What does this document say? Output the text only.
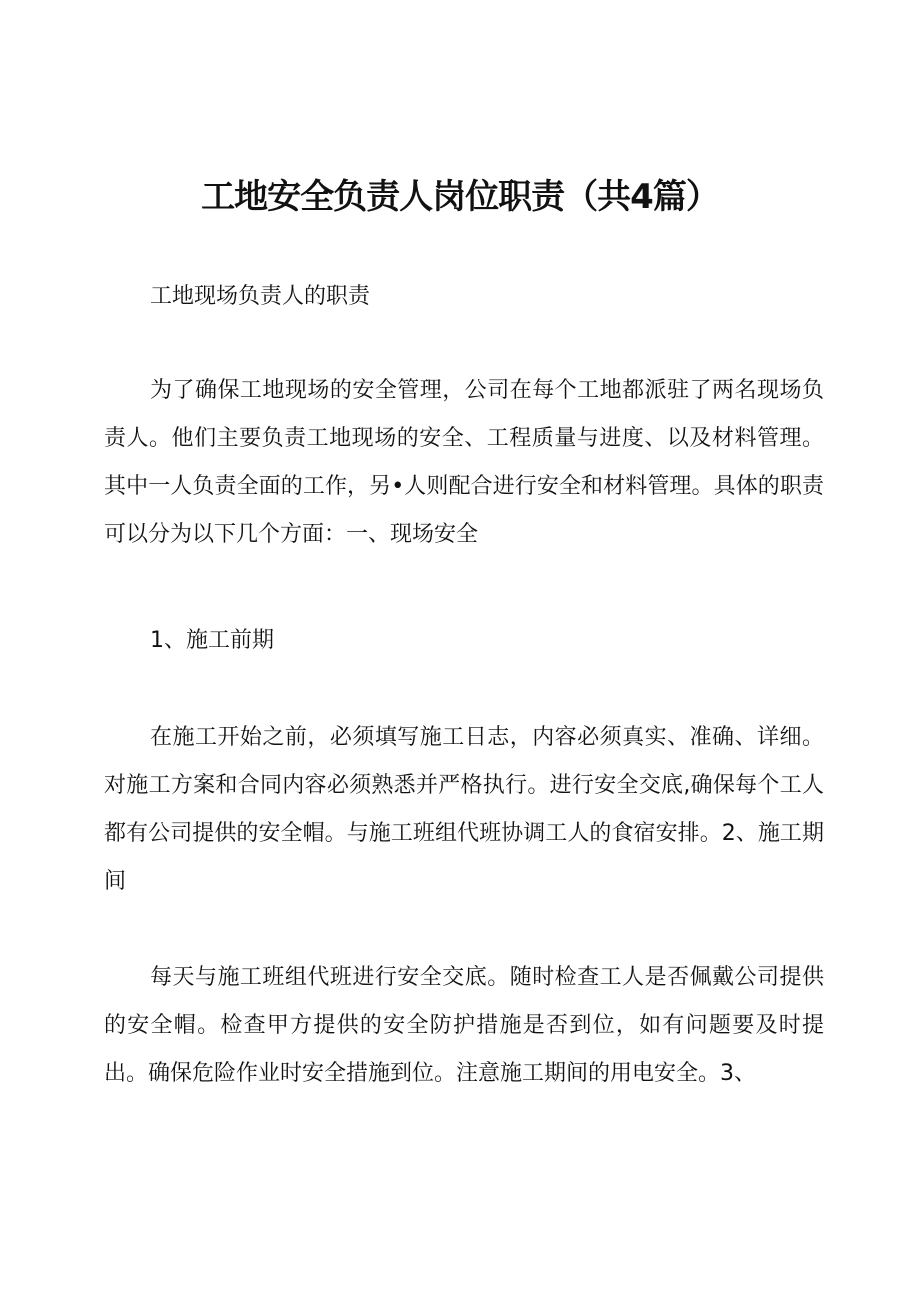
工地安全负责人岗位职责（共4篇）

工地现场负责人的职责

为了确保工地现场的安全管理，公司在每个工地都派驻了两名现场负责人。他们主要负责工地现场的安全、工程质量与进度、以及材料管理。其中一人负责全面的工作，另•人则配合进行安全和材料管理。具体的职责可以分为以下几个方面：一、现场安全

1、施工前期

在施工开始之前，必须填写施工日志，内容必须真实、准确、详细。对施工方案和合同内容必须熟悉并严格执行。进行安全交底,确保每个工人都有公司提供的安全帽。与施工班组代班协调工人的食宿安排。2、施工期间

每天与施工班组代班进行安全交底。随时检查工人是否佩戴公司提供的安全帽。检查甲方提供的安全防护措施是否到位，如有问题要及时提出。确保危险作业时安全措施到位。注意施工期间的用电安全。3、
